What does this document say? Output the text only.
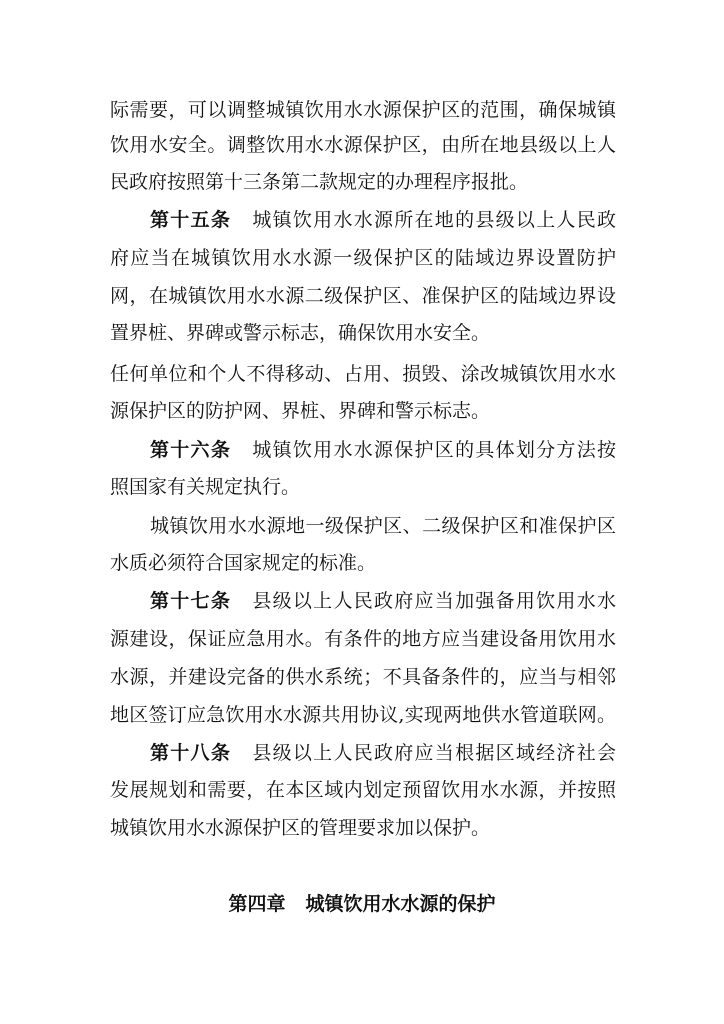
际需要，可以调整城镇饮用水水源保护区的范围，确保城镇
饮用水安全。调整饮用水水源保护区，由所在地县级以上人
民政府按照第十三条第二款规定的办理程序报批。
第十五条 城镇饮用水水源所在地的县级以上人民政
府应当在城镇饮用水水源一级保护区的陆域边界设置防护
网，在城镇饮用水水源二级保护区、准保护区的陆域边界设
置界桩、界碑或警示标志，确保饮用水安全。
任何单位和个人不得移动、占用、损毁、涂改城镇饮用水水
源保护区的防护网、界桩、界碑和警示标志。
第十六条 城镇饮用水水源保护区的具体划分方法按
照国家有关规定执行。
城镇饮用水水源地一级保护区、二级保护区和准保护区
水质必须符合国家规定的标准。
第十七条 县级以上人民政府应当加强备用饮用水水
源建设，保证应急用水。有条件的地方应当建设备用饮用水
水源，并建设完备的供水系统；不具备条件的，应当与相邻
地区签订应急饮用水水源共用协议,实现两地供水管道联网。
第十八条 县级以上人民政府应当根据区域经济社会
发展规划和需要，在本区域内划定预留饮用水水源，并按照
城镇饮用水水源保护区的管理要求加以保护。
第四章 城镇饮用水水源的保护
